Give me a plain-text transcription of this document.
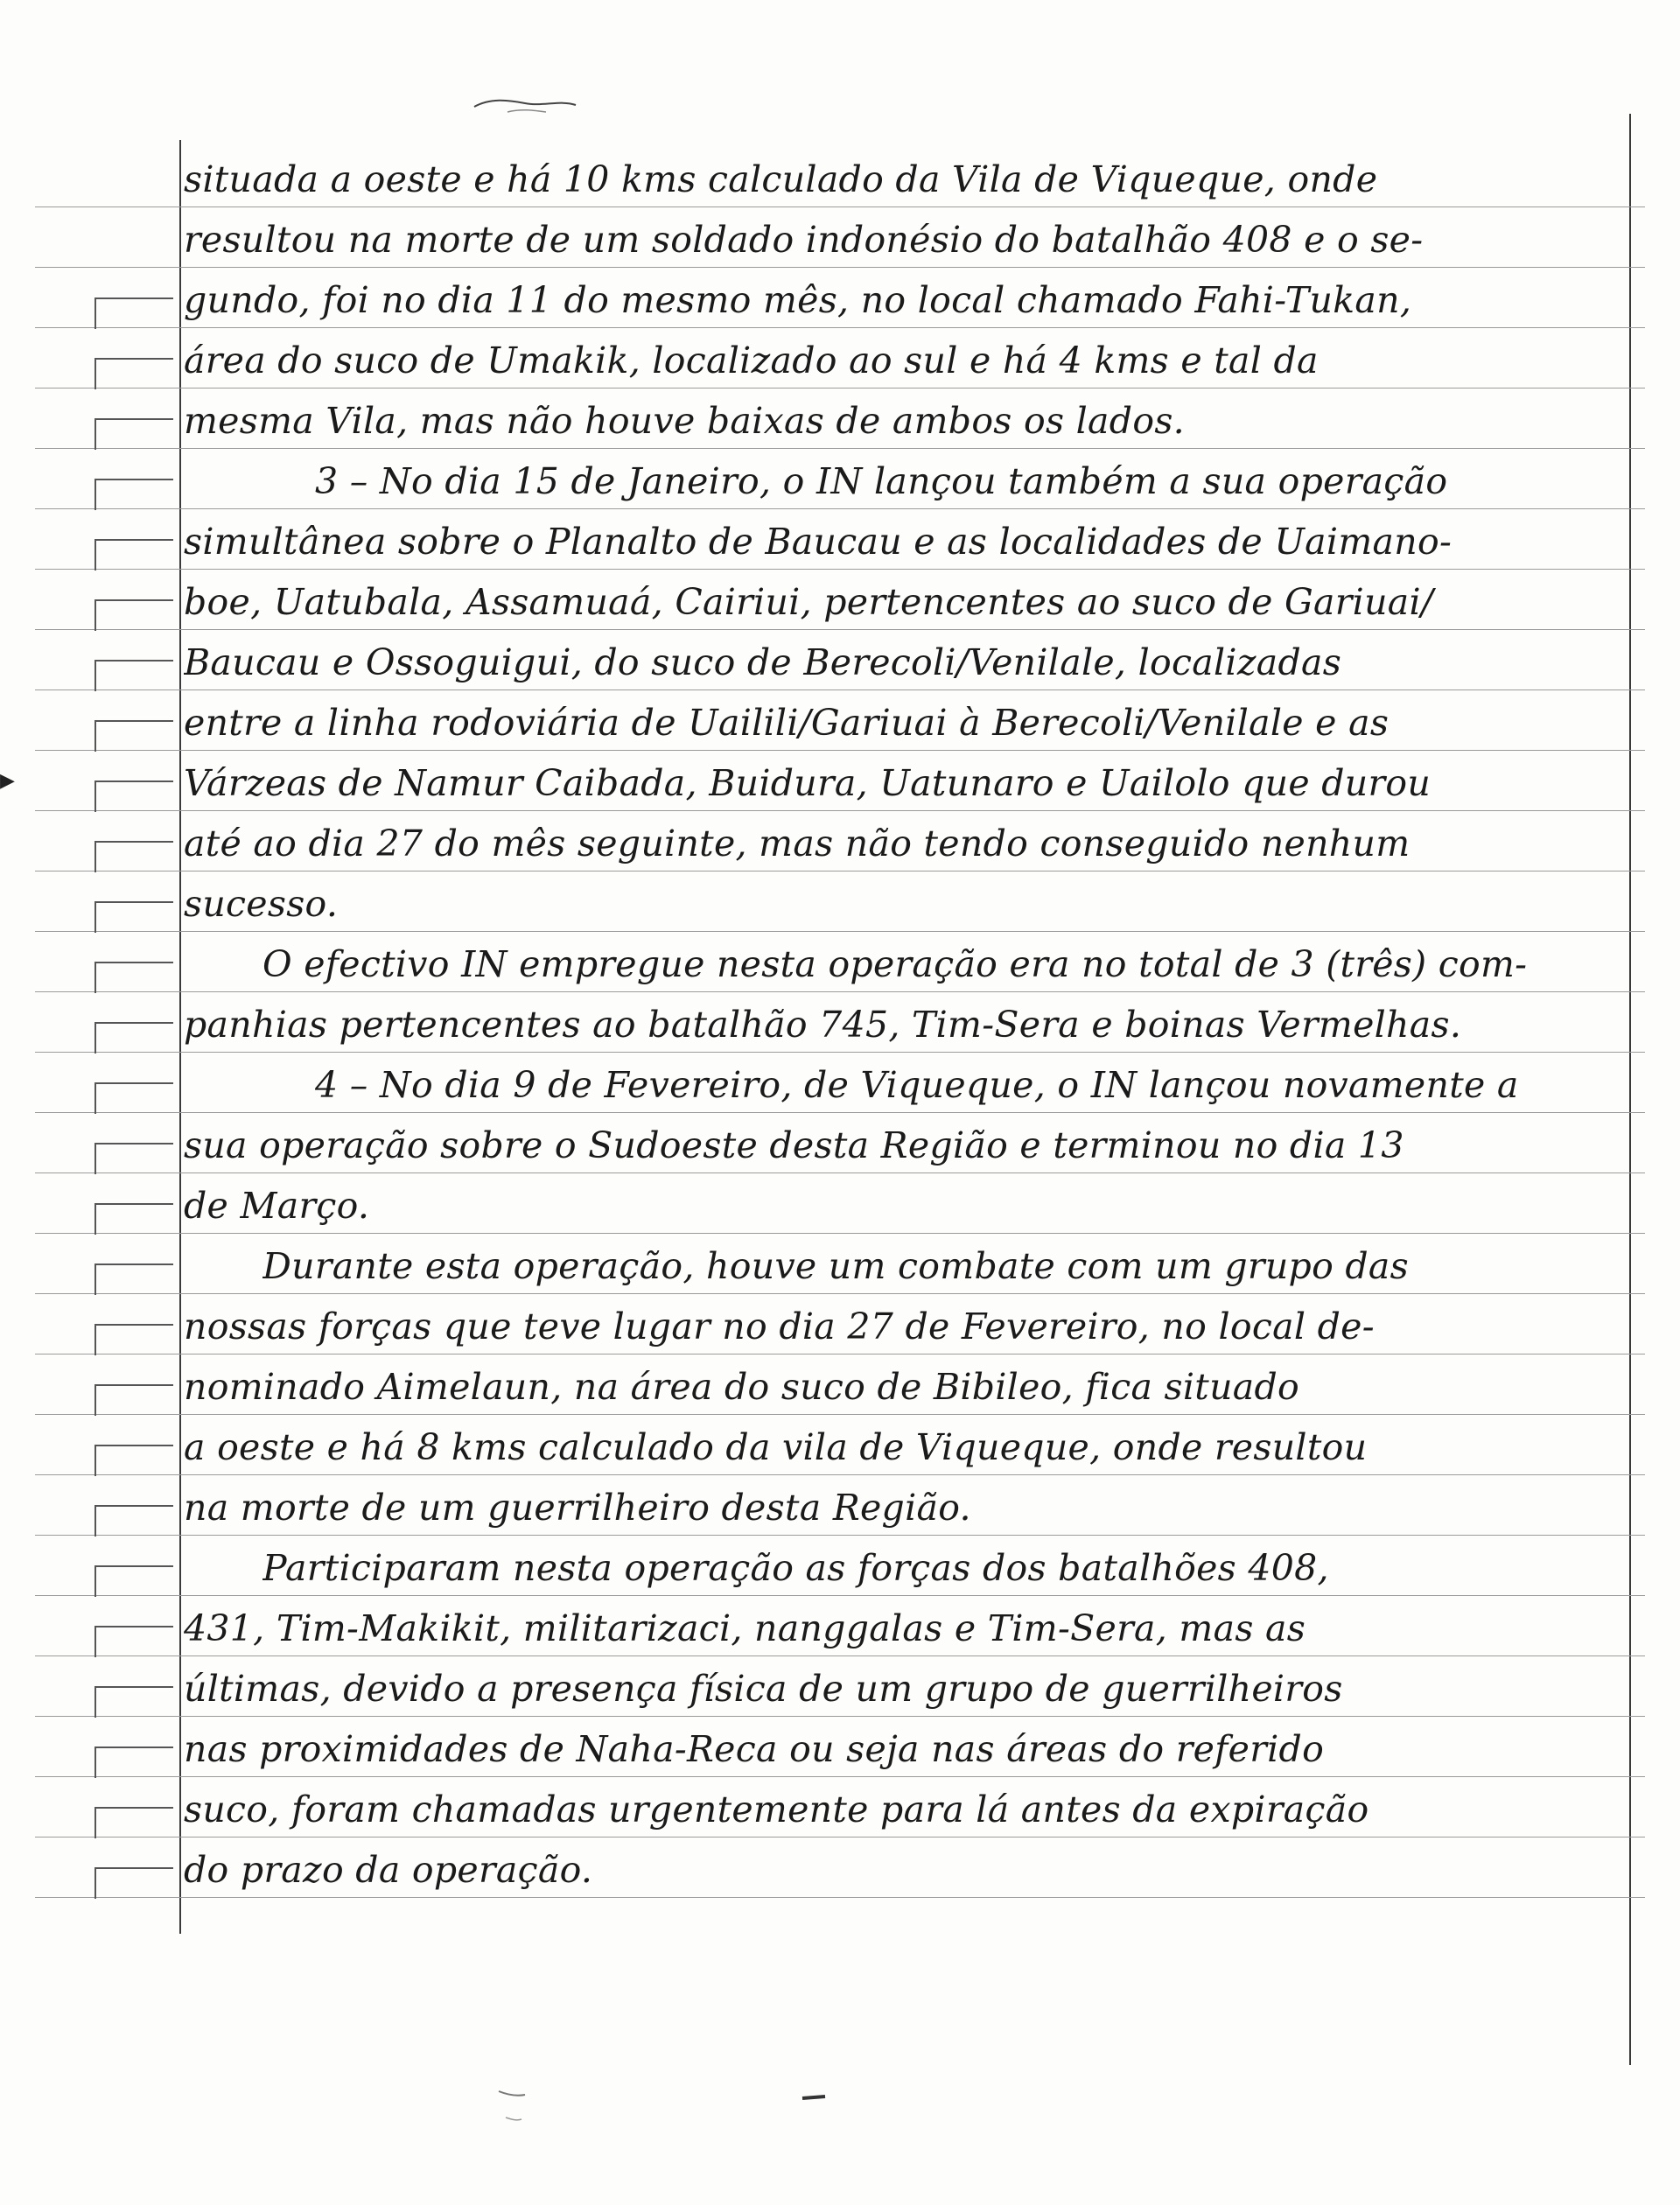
▶
situada a oeste e há 10 kms calculado da Vila de Viqueque, onde
resultou na morte de um soldado indonésio do batalhão 408 e o se-
gundo, foi no dia 11 do mesmo mês, no local chamado Fahi-Tukan,
área do suco de Umakik, localizado ao sul e há 4 kms e tal da
mesma Vila, mas não houve baixas de ambos os lados.
3 – No dia 15 de Janeiro, o IN lançou também a sua operação
simultânea sobre o Planalto de Baucau e as localidades de Uaimano-
boe, Uatubala, Assamuaá, Cairiui, pertencentes ao suco de Gariuai/
Baucau e Ossoguigui, do suco de Berecoli/Venilale, localizadas
entre a linha rodoviária de Uailili/Gariuai à Berecoli/Venilale e as
Várzeas de Namur Caibada, Buidura, Uatunaro e Uailolo que durou
até ao dia 27 do mês seguinte, mas não tendo conseguido nenhum
sucesso.
O efectivo IN empregue nesta operação era no total de 3 (três) com-
panhias pertencentes ao batalhão 745, Tim-Sera e boinas Vermelhas.
4 – No dia 9 de Fevereiro, de Viqueque, o IN lançou novamente a
sua operação sobre o Sudoeste desta Região e terminou no dia 13
de Março.
Durante esta operação, houve um combate com um grupo das
nossas forças que teve lugar no dia 27 de Fevereiro, no local de-
nominado Aimelaun, na área do suco de Bibileo, fica situado
a oeste e há 8 kms calculado da vila de Viqueque, onde resultou
na morte de um guerrilheiro desta Região.
Participaram nesta operação as forças dos batalhões 408,
431, Tim-Makikit, militarizaci, nanggalas e Tim-Sera, mas as
últimas, devido a presença física de um grupo de guerrilheiros
nas proximidades de Naha-Reca ou seja nas áreas do referido
suco, foram chamadas urgentemente para lá antes da expiração
do prazo da operação.
